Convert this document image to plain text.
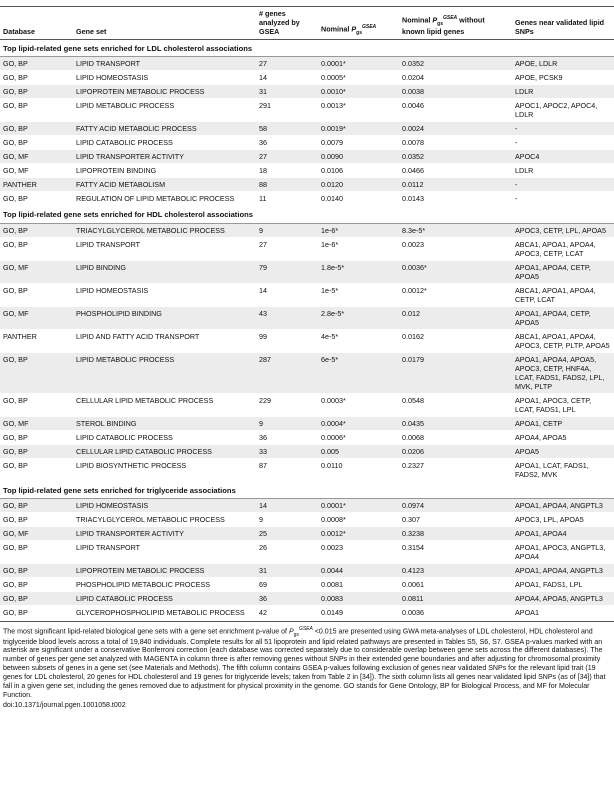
Database	Gene set	# genes analyzed by GSEA	Nominal $P_{gs}^{GSEA}$	Nominal $P_{gs}^{GSEA}$ without known lipid genes	Genes near validated lipid SNPs
Top lipid-related gene sets enriched for LDL cholesterol associations					
GO, BP	LIPID TRANSPORT	27	0.0001*	0.0352	APOE, LDLR
GO, BP	LIPID HOMEOSTASIS	14	0.0005*	0.0204	APOE, PCSK9
GO, BP	LIPOPROTEIN METABOLIC PROCESS	31	0.0010*	0.0038	LDLR
GO, BP	LIPID METABOLIC PROCESS	291	0.0013*	0.0046	APOC1, APOC2, APOC4, LDLR
GO, BP	FATTY ACID METABOLIC PROCESS	58	0.0019*	0.0024	-
GO, BP	LIPID CATABOLIC PROCESS	36	0.0079	0.0078	-
GO, MF	LIPID TRANSPORTER ACTIVITY	27	0.0090	0.0352	APOC4
GO, MF	LIPOPROTEIN BINDING	18	0.0106	0.0466	LDLR
PANTHER	FATTY ACID METABOLISM	88	0.0120	0.0112	-
GO, BP	REGULATION OF LIPID METABOLIC PROCESS	11	0.0140	0.0143	-
Top lipid-related gene sets enriched for HDL cholesterol associations					
GO, BP	TRIACYLGLYCEROL METABOLIC PROCESS	9	1e-6*	8.3e-5*	APOC3, CETP, LPL, APOA5
GO, BP	LIPID TRANSPORT	27	1e-6*	0.0023	ABCA1, APOA1, APOA4, APOC3, CETP, LCAT
GO, MF	LIPID BINDING	79	1.8e-5*	0.0036*	APOA1, APOA4, CETP, APOA5
GO, BP	LIPID HOMEOSTASIS	14	1e-5*	0.0012*	ABCA1, APOA1, APOA4, CETP, LCAT
GO, MF	PHOSPHOLIPID BINDING	43	2.8e-5*	0.012	APOA1, APOA4, CETP, APOA5
PANTHER	LIPID AND FATTY ACID TRANSPORT	99	4e-5*	0.0162	ABCA1, APOA1, APOA4, APOC3, CETP, PLTP, APOA5
GO, BP	LIPID METABOLIC PROCESS	287	6e-5*	0.0179	APOA1, APOA4, APOA5, APOC3, CETP, HNF4A, LCAT, FADS1, FADS2, LPL, MVK, PLTP
GO, BP	CELLULAR LIPID METABOLIC PROCESS	229	0.0003*	0.0548	APOA1, APOC3, CETP, LCAT, FADS1, LPL
GO, MF	STEROL BINDING	9	0.0004*	0.0435	APOA1, CETP
GO, BP	LIPID CATABOLIC PROCESS	36	0.0006*	0.0068	APOA4, APOA5
GO, BP	CELLULAR LIPID CATABOLIC PROCESS	33	0.005	0.0206	APOA5
GO, BP	LIPID BIOSYNTHETIC PROCESS	87	0.0110	0.2327	APOA1, LCAT, FADS1, FADS2, MVK
Top lipid-related gene sets enriched for triglyceride associations					
GO, BP	LIPID HOMEOSTASIS	14	0.0001*	0.0974	APOA1, APOA4, ANGPTL3
GO, BP	TRIACYLGLYCEROL METABOLIC PROCESS	9	0.0008*	0.307	APOC3, LPL, APOA5
GO, MF	LIPID TRANSPORTER ACTIVITY	25	0.0012*	0.3238	APOA1, APOA4
GO, BP	LIPID TRANSPORT	26	0.0023	0.3154	APOA1, APOC3, ANGPTL3, APOA4
GO, BP	LIPOPROTEIN METABOLIC PROCESS	31	0.0044	0.4123	APOA1, APOA4, ANGPTL3
GO, BP	PHOSPHOLIPID METABOLIC PROCESS	69	0.0081	0.0061	APOA1, FADS1, LPL
GO, BP	LIPID CATABOLIC PROCESS	36	0.0083	0.0811	APOA4, APOA5, ANGPTL3
GO, BP	GLYCEROPHOSPHOLIPID METABOLIC PROCESS	42	0.0149	0.0036	APOA1
The most significant lipid-related biological gene sets with a gene set enrichment p-value of $P_{gs}^{GSEA} <0.015$ are presented using GWA meta-analyses of LDL cholesterol, HDL cholesterol and triglyceride blood levels across a total of 19,840 individuals. Complete results for all 51 lipoprotein and lipid related pathways are presented in Tables S5, S6, S7. GSEA p-values marked with an asterisk are significant under a conservative Bonferroni correction (each database was corrected separately due to considerable overlap between gene sets across the different databases). The number of genes per gene set analyzed with MAGENTA in column three is after removing genes without SNPs in their extended gene boundaries and after adjusting for chromosomal proximity between subsets of genes in a gene set (see Materials and Methods). The fifth column contains GSEA p-values following exclusion of genes near validated SNPs for the relevant lipid trait (19 genes for LDL cholesterol, 20 genes for HDL cholesterol and 19 genes for triglyceride levels; taken from Table 2 in [34]). The sixth column lists all genes near validated lipid SNPs (as of [34]) that fall in a given gene set, including the genes removed due to adjustment for physical proximity in the genome. GO stands for Gene Ontology, BP for Biological Process, and MF for Molecular Function.
doi:10.1371/journal.pgen.1001058.t002
